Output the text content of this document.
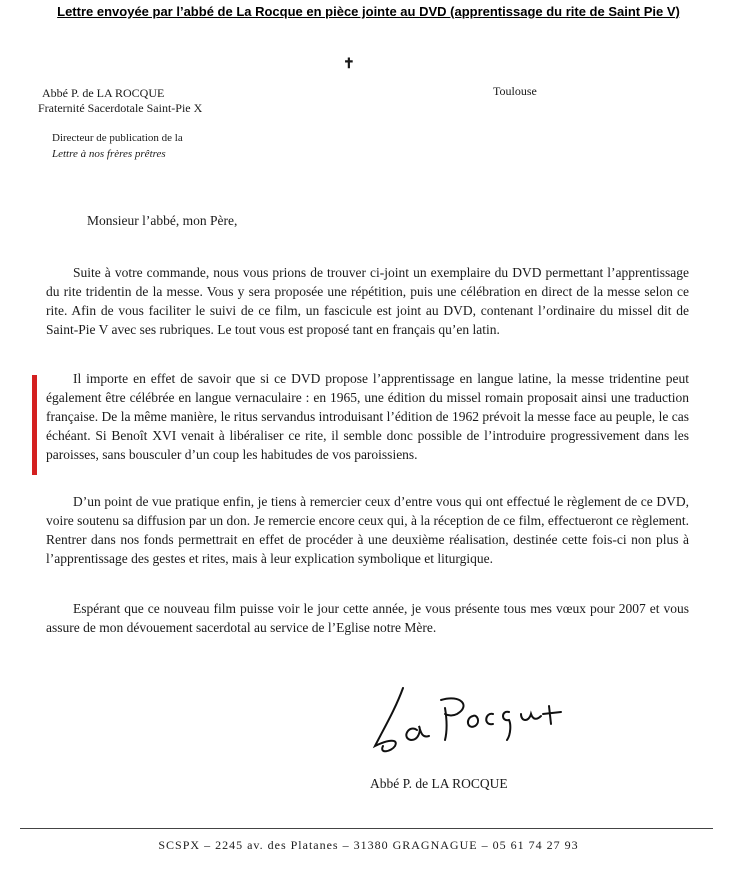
Lettre envoyée par l’abbé de La Rocque en pièce jointe au DVD (apprentissage du rite de Saint Pie V)
✝
Abbé P. de LA ROCQUE
Fraternité Sacerdotale Saint-Pie X
Directeur de publication de la
Lettre à nos frères prêtres
Toulouse
Monsieur l’abbé, mon Père,

Suite à votre commande, nous vous prions de trouver ci-joint un exemplaire du DVD permettant l’apprentissage du rite tridentin de la messe. Vous y sera proposée une répétition, puis une célébration en direct de la messe selon ce rite. Afin de vous faciliter le suivi de ce film, un fascicule est joint au DVD, contenant l’ordinaire du missel dit de Saint-Pie V avec ses rubriques. Le tout vous est proposé tant en français qu’en latin.

Il importe en effet de savoir que si ce DVD propose l’apprentissage en langue latine, la messe tridentine peut également être célébrée en langue vernaculaire : en 1965, une édition du missel romain proposait ainsi une traduction française. De la même manière, le ritus servandus introduisant l’édition de 1962 prévoit la messe face au peuple, le cas échéant. Si Benoît XVI venait à libéraliser ce rite, il semble donc possible de l’introduire progressivement dans les paroisses, sans bousculer d’un coup les habitudes de vos paroissiens.

D’un point de vue pratique enfin, je tiens à remercier ceux d’entre vous qui ont effectué le règlement de ce DVD, voire soutenu sa diffusion par un don. Je remercie encore ceux qui, à la réception de ce film, effectueront ce règlement. Rentrer dans nos fonds permettrait en effet de procéder à une deuxième réalisation, destinée cette fois-ci non plus à l’apprentissage des gestes et rites, mais à leur explication symbolique et liturgique.

Espérant que ce nouveau film puisse voir le jour cette année, je vous présente tous mes vœux pour 2007 et vous assure de mon dévouement sacerdotal au service de l’Eglise notre Mère.

Abbé P. de LA ROCQUE
SCSPX – 2245 av. des Platanes – 31380 GRAGNAGUE – 05 61 74 27 93
